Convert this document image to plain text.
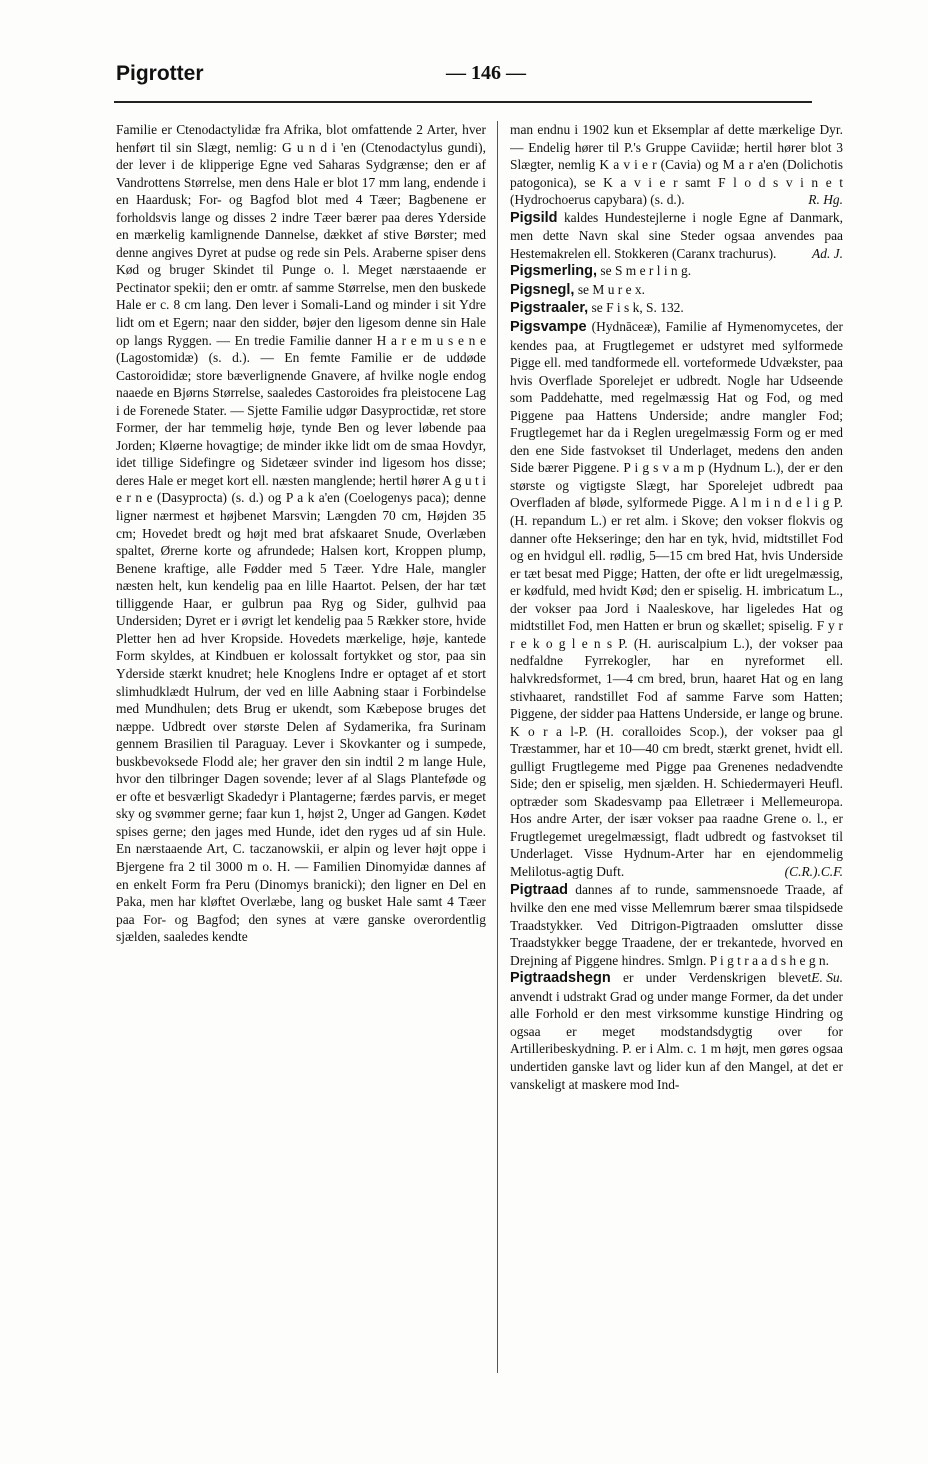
Pigrotter	— 146 —

Familie er Ctenodactylidæ fra Afrika, blot omfattende 2 Arter, hver henført til sin Slægt, nemlig: G u n d i 'en (Ctenodactylus gundi), der lever i de klipperige Egne ved Saharas Sydgrænse; den er af Vandrottens Størrelse, men dens Hale er blot 17 mm lang, endende i en Haardusk; For- og Bagfod blot med 4 Tæer; Bagbenene er forholdsvis lange og disses 2 indre Tæer bærer paa deres Yderside en mærkelig kamlignende Dannelse, dækket af stive Børster; med denne angives Dyret at pudse og rede sin Pels. Araberne spiser dens Kød og bruger Skindet til Punge o. l. Meget nærstaaende er Pectinator spekii; den er omtr. af samme Størrelse, men den buskede Hale er c. 8 cm lang. Den lever i Somali-Land og minder i sit Ydre lidt om et Egern; naar den sidder, bøjer den ligesom denne sin Hale op langs Ryggen. — En tredie Familie danner H a r e m u s e n e (Lagostomidæ) (s. d.). — En femte Familie er de uddøde Castoroididæ; store bæverlignende Gnavere, af hvilke nogle endog naaede en Bjørns Størrelse, saaledes Castoroides fra pleistocene Lag i de Forenede Stater. — Sjette Familie udgør Dasyproctidæ, ret store Former, der har temmelig høje, tynde Ben og lever løbende paa Jorden; Kløerne hovagtige; de minder ikke lidt om de smaa Hovdyr, idet tillige Sidefingre og Sidetæer svinder ind ligesom hos disse; deres Hale er meget kort ell. næsten manglende; hertil hører A g u t i e r n e (Dasyprocta) (s. d.) og P a k a'en (Coelogenys paca); denne ligner nærmest et højbenet Marsvin; Længden 70 cm, Højden 35 cm; Hovedet bredt og højt med brat afskaaret Snude, Overlæben spaltet, Ørerne korte og afrundede; Halsen kort, Kroppen plump, Benene kraftige, alle Fødder med 5 Tæer. Ydre Hale, mangler næsten helt, kun kendelig paa en lille Haartot. Pelsen, der har tæt tilliggende Haar, er gulbrun paa Ryg og Sider, gulhvid paa Undersiden; Dyret er i øvrigt let kendelig paa 5 Rækker store, hvide Pletter hen ad hver Kropside. Hovedets mærkelige, høje, kantede Form skyldes, at Kindbuen er kolossalt fortykket og stor, paa sin Yderside stærkt knudret; hele Knoglens Indre er optaget af et stort slimhudklædt Hulrum, der ved en lille Aabning staar i Forbindelse med Mundhulen; dets Brug er ukendt, som Kæbepose bruges det næppe. Udbredt over største Delen af Sydamerika, fra Surinam gennem Brasilien til Paraguay. Lever i Skovkanter og i sumpede, buskbevoksede Flodd ale; her graver den sin indtil 2 m lange Hule, hvor den tilbringer Dagen sovende; lever af al Slags Planteføde og er ofte et besværligt Skadedyr i Plantagerne; færdes parvis, er meget sky og svømmer gerne; faar kun 1, højst 2, Unger ad Gangen. Kødet spises gerne; den jages med Hunde, idet den ryges ud af sin Hule. En nærstaaende Art, C. taczanowskii, er alpin og lever højt oppe i Bjergene fra 2 til 3000 m o. H. — Familien Dinomyidæ dannes af en enkelt Form fra Peru (Dinomys branicki); den ligner en Del en Paka, men har kløftet Overlæbe, lang og busket Hale samt 4 Tæer paa For- og Bagfod; den synes at være ganske overordentlig sjælden, saaledes kendte

man endnu i 1902 kun et Eksemplar af dette mærkelige Dyr. — Endelig hører til P.'s Gruppe Caviidæ; hertil hører blot 3 Slægter, nemlig K a v i e r (Cavia) og M a r a'en (Dolichotis patogonica), se K a v i e r samt F l o d s v i n e t (Hydrochoerus capybara) (s. d.).	R. Hg.

Pigsild kaldes Hundestejlerne i nogle Egne af Danmark, men dette Navn skal sine Steder ogsaa anvendes paa Hestemakrelen ell. Stokkeren (Caranx trachurus).	Ad. J.

Pigsmerling, se S m e r l i n g.

Pigsnegl, se M u r e x.

Pigstraaler, se F i s k, S. 132.

Pigsvampe (Hydnāceæ), Familie af Hymenomycetes, der kendes paa, at Frugtlegemet er udstyret med sylformede Pigge ell. med tandformede ell. vorteformede Udvækster, paa hvis Overflade Sporelejet er udbredt. Nogle har Udseende som Paddehatte, med regelmæssig Hat og Fod, og med Piggene paa Hattens Underside; andre mangler Fod; Frugtlegemet har da i Reglen uregelmæssig Form og er med den ene Side fastvokset til Underlaget, medens den anden Side bærer Piggene. P i g s v a m p (Hydnum L.), der er den største og vigtigste Slægt, har Sporelejet udbredt paa Overfladen af bløde, sylformede Pigge. A l m i n d e l i g P. (H. repandum L.) er ret alm. i Skove; den vokser flokvis og danner ofte Hekseringe; den har en tyk, hvid, midtstillet Fod og en hvidgul ell. rødlig, 5—15 cm bred Hat, hvis Underside er tæt besat med Pigge; Hatten, der ofte er lidt uregelmæssig, er kødfuld, med hvidt Kød; den er spiselig. H. imbricatum L., der vokser paa Jord i Naaleskove, har ligeledes Hat og midtstillet Fod, men Hatten er brun og skællet; spiselig. F y r r e k o g l e n s P. (H. auriscalpium L.), der vokser paa nedfaldne Fyrrekogler, har en nyreformet ell. halvkredsformet, 1—4 cm bred, brun, haaret Hat og en lang stivhaaret, randstillet Fod af samme Farve som Hatten; Piggene, der sidder paa Hattens Underside, er lange og brune. K o r a l-P. (H. coralloides Scop.), der vokser paa gl Træstammer, har et 10—40 cm bredt, stærkt grenet, hvidt ell. gulligt Frugtlegeme med Pigge paa Grenenes nedadvendte Side; den er spiselig, men sjælden. H. Schiedermayeri Heufl. optræder som Skadesvamp paa Elletræer i Mellemeuropa. Hos andre Arter, der især vokser paa raadne Grene o. l., er Frugtlegemet uregelmæssigt, fladt udbredt og fastvokset til Underlaget. Visse Hydnum-Arter har en ejendommelig Melilotus-agtig Duft.	(C.R.).C.F.

Pigtraad dannes af to runde, sammensnoede Traade, af hvilke den ene med visse Mellemrum bærer smaa tilspidsede Traadstykker. Ved Ditrigon-Pigtraaden omslutter disse Traadstykker begge Traadene, der er trekantede, hvorved en Drejning af Piggene hindres. Smlgn. P i g t r a a d s h e g n.
E. Su.

Pigtraadshegn er under Verdenskrigen blevet anvendt i udstrakt Grad og under mange Former, da det under alle Forhold er den mest virksomme kunstige Hindring og ogsaa er meget modstandsdygtig over for Artilleribeskydning. P. er i Alm. c. 1 m højt, men gøres ogsaa undertiden ganske lavt og lider kun af den Mangel, at det er vanskeligt at maskere mod Ind-
